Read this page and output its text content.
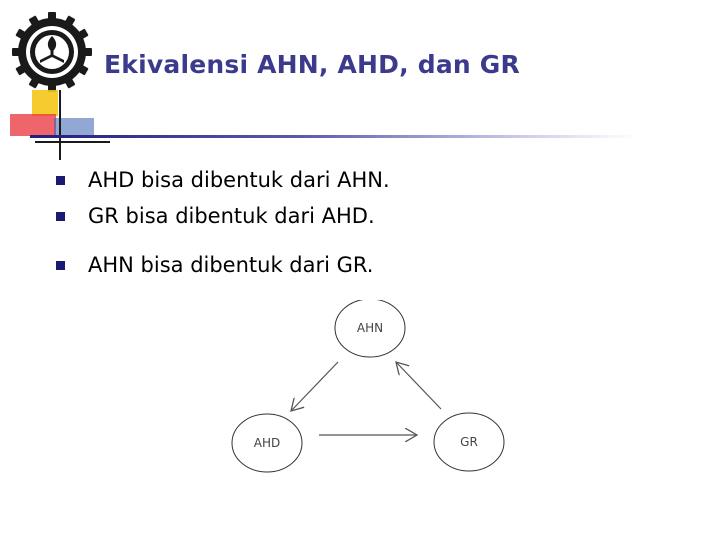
Ekivalensi AHN, AHD, dan GR
AHD bisa dibentuk dari AHN.
GR bisa dibentuk dari AHD.
AHN bisa dibentuk dari GR.
AHN
AHD	GR
